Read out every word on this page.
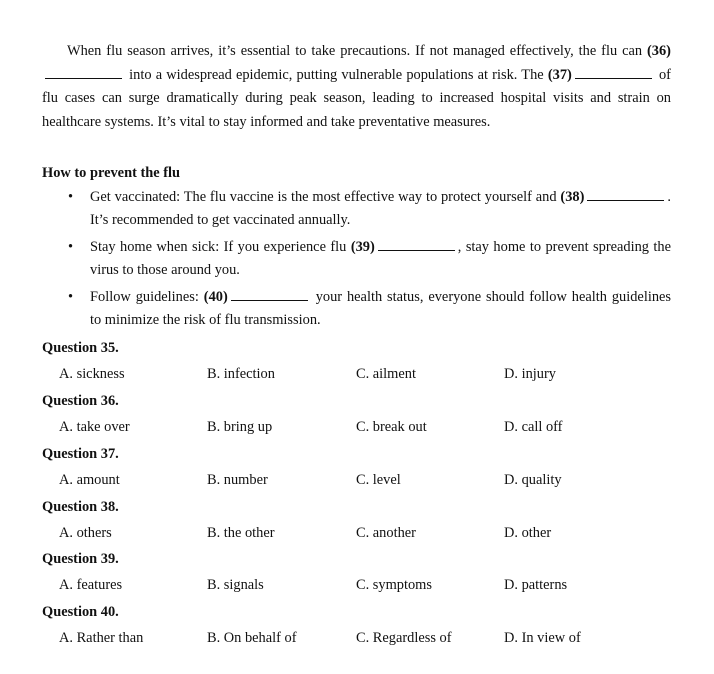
When flu season arrives, it’s essential to take precautions. If not managed effectively, the flu can (36) into a widespread epidemic, putting vulnerable populations at risk. The (37)	of flu cases can surge dramatically during peak season, leading to increased hospital visits and strain on healthcare systems. It’s vital to stay informed and take preventative measures.

How to prevent the flu

• Get vaccinated: The flu vaccine is the most effective way to protect yourself and (38)	. It’s recommended to get vaccinated annually.
• Stay home when sick: If you experience flu (39)	, stay home to prevent spreading the virus to those around you.
• Follow guidelines: (40)	your health status, everyone should follow health guidelines to minimize the risk of flu transmission.
Question 35.
A. sickness	B. infection	C. ailment	D. injury
Question 36.
A. take over	B. bring up	C. break out	D. call off
Question 37.
A. amount	B. number	C. level	D. quality
Question 38.
A. others	B. the other	C. another	D. other
Question 39.
A. features	B. signals	C. symptoms	D. patterns
Question 40.
A. Rather than	B. On behalf of	C. Regardless of	D. In view of
